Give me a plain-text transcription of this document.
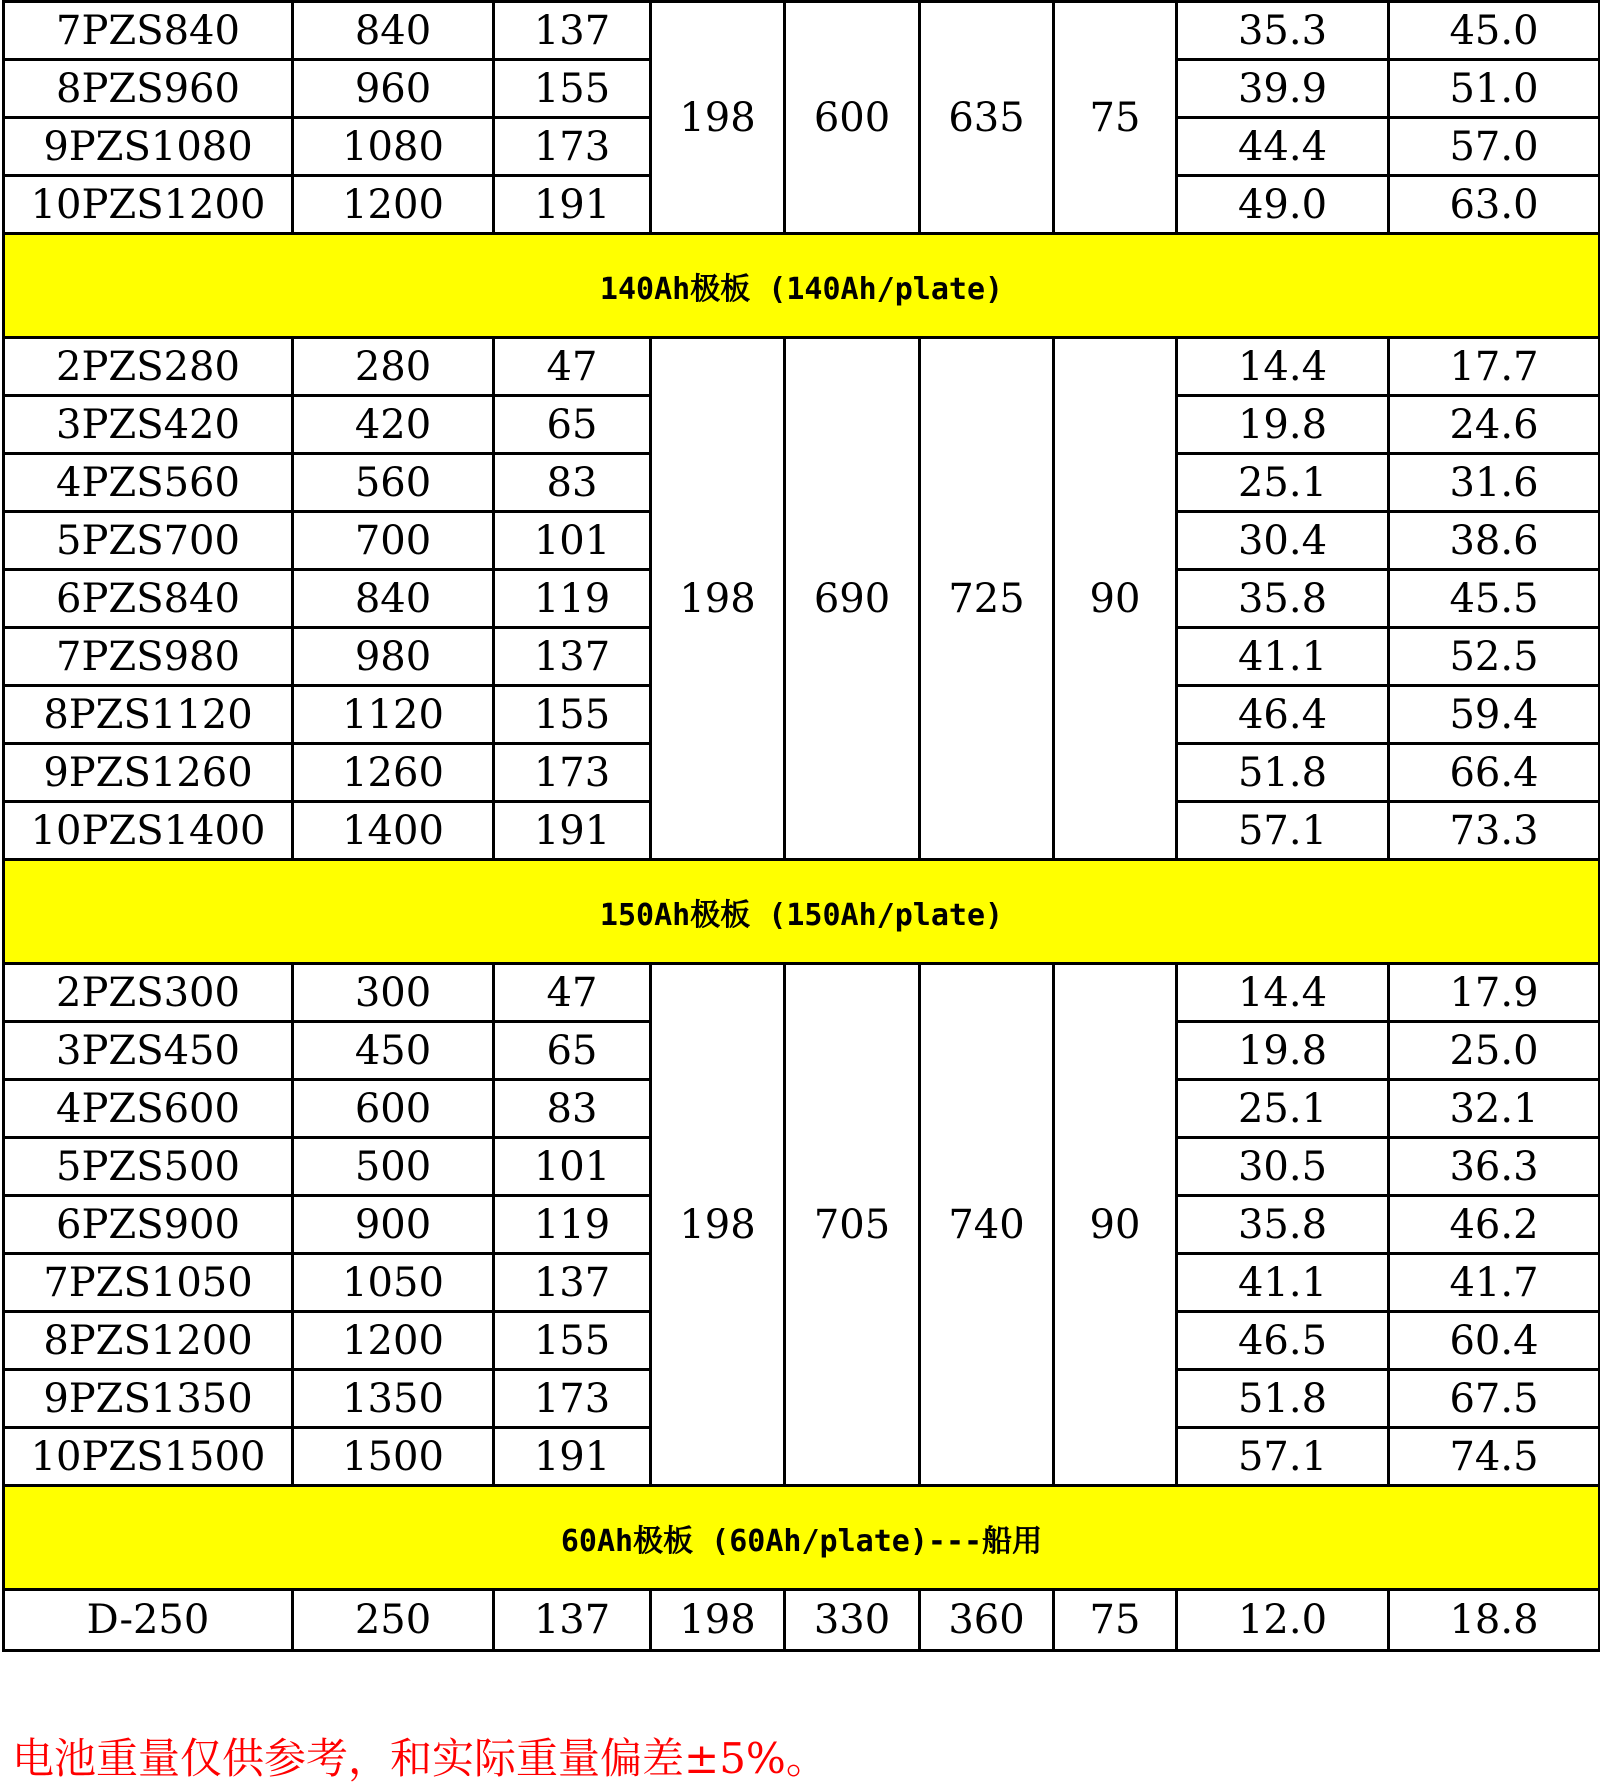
7PZS840	840	137	198	600	635	75	35.3	45.0
8PZS960	960	155					39.9	51.0
9PZS1080	1080	173					44.4	57.0
10PZS1200	1200	191					49.0	63.0
140Ah极板 (140Ah/plate)								
2PZS280	280	47	198	690	725	90	14.4	17.7
3PZS420	420	65					19.8	24.6
4PZS560	560	83					25.1	31.6
5PZS700	700	101					30.4	38.6
6PZS840	840	119					35.8	45.5
7PZS980	980	137					41.1	52.5
8PZS1120	1120	155					46.4	59.4
9PZS1260	1260	173					51.8	66.4
10PZS1400	1400	191					57.1	73.3
150Ah极板 (150Ah/plate)								
2PZS300	300	47	198	705	740	90	14.4	17.9
3PZS450	450	65					19.8	25.0
4PZS600	600	83					25.1	32.1
5PZS500	500	101					30.5	36.3
6PZS900	900	119					35.8	46.2
7PZS1050	1050	137					41.1	41.7
8PZS1200	1200	155					46.5	60.4
9PZS1350	1350	173					51.8	67.5
10PZS1500	1500	191					57.1	74.5
60Ah极板 (60Ah/plate)---船用								
D-250	250	137	198	330	360	75	12.0	18.8
电池重量仅供参考，和实际重量偏差±5%。
